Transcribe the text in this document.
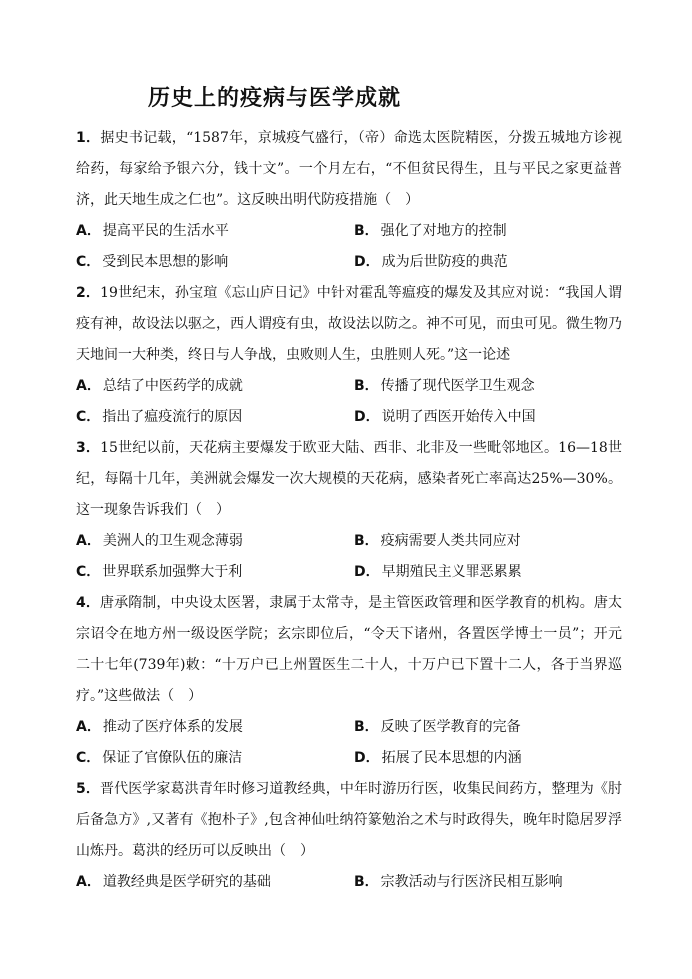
历史上的疫病与医学成就

1．据史书记载，“1587年，京城疫气盛行，（帝）命选太医院精医，分拨五城地方诊视给药，每家给予银六分，钱十文”。一个月左右，“不但贫民得生，且与平民之家更益普济，此天地生成之仁也”。这反映出明代防疫措施（　）

A． 提高平民的生活水平	B． 强化了对地方的控制
C． 受到民本思想的影响	D． 成为后世防疫的典范

2．19世纪末，孙宝瑄《忘山庐日记》中针对霍乱等瘟疫的爆发及其应对说：“我国人谓疫有神，故设法以驱之，西人谓疫有虫，故设法以防之。神不可见，而虫可见。微生物乃天地间一大种类，终日与人争战，虫败则人生，虫胜则人死。”这一论述

A． 总结了中医药学的成就	B． 传播了现代医学卫生观念
C． 指出了瘟疫流行的原因	D． 说明了西医开始传入中国

3．15世纪以前，天花病主要爆发于欧亚大陆、西非、北非及一些毗邻地区。16—18世纪，每隔十几年，美洲就会爆发一次大规模的天花病，感染者死亡率高达25%—30%。这一现象告诉我们（　）

A． 美洲人的卫生观念薄弱	B． 疫病需要人类共同应对
C． 世界联系加强弊大于利	D． 早期殖民主义罪恶累累

4．唐承隋制，中央设太医署，隶属于太常寺，是主管医政管理和医学教育的机构。唐太宗诏令在地方州一级设医学院；玄宗即位后，“令天下诸州，各置医学博士一员”；开元二十七年(739年)敕：“十万户已上州置医生二十人，十万户已下置十二人，各于当界巡疗。”这些做法（　）

A． 推动了医疗体系的发展	B． 反映了医学教育的完备
C． 保证了官僚队伍的廉洁	D． 拓展了民本思想的内涵

5．晋代医学家葛洪青年时修习道教经典，中年时游历行医，收集民间药方，整理为《肘后备急方》,又著有《抱朴子》,包含神仙吐纳符篆勉治之术与时政得失，晚年时隐居罗浮山炼丹。葛洪的经历可以反映出（　）

A． 道教经典是医学研究的基础	B． 宗教活动与行医济民相互影响
